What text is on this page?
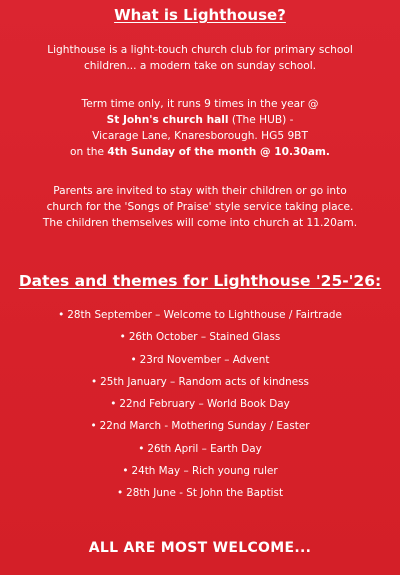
What is Lighthouse?

Lighthouse is a light-touch church club for primary school
children... a modern take on sunday school.

Term time only, it runs 9 times in the year @
St John's church hall (The HUB) -
Vicarage Lane, Knaresborough. HG5 9BT
on the 4th Sunday of the month @ 10.30am.

Parents are invited to stay with their children or go into
church for the 'Songs of Praise' style service taking place.
The children themselves will come into church at 11.20am.

Dates and themes for Lighthouse '25-'26:
• 28th September – Welcome to Lighthouse / Fairtrade
• 26th October – Stained Glass
• 23rd November – Advent
• 25th January – Random acts of kindness
• 22nd February – World Book Day
• 22nd March - Mothering Sunday / Easter
• 26th April – Earth Day
• 24th May – Rich young ruler
• 28th June - St John the Baptist
ALL ARE MOST WELCOME...
